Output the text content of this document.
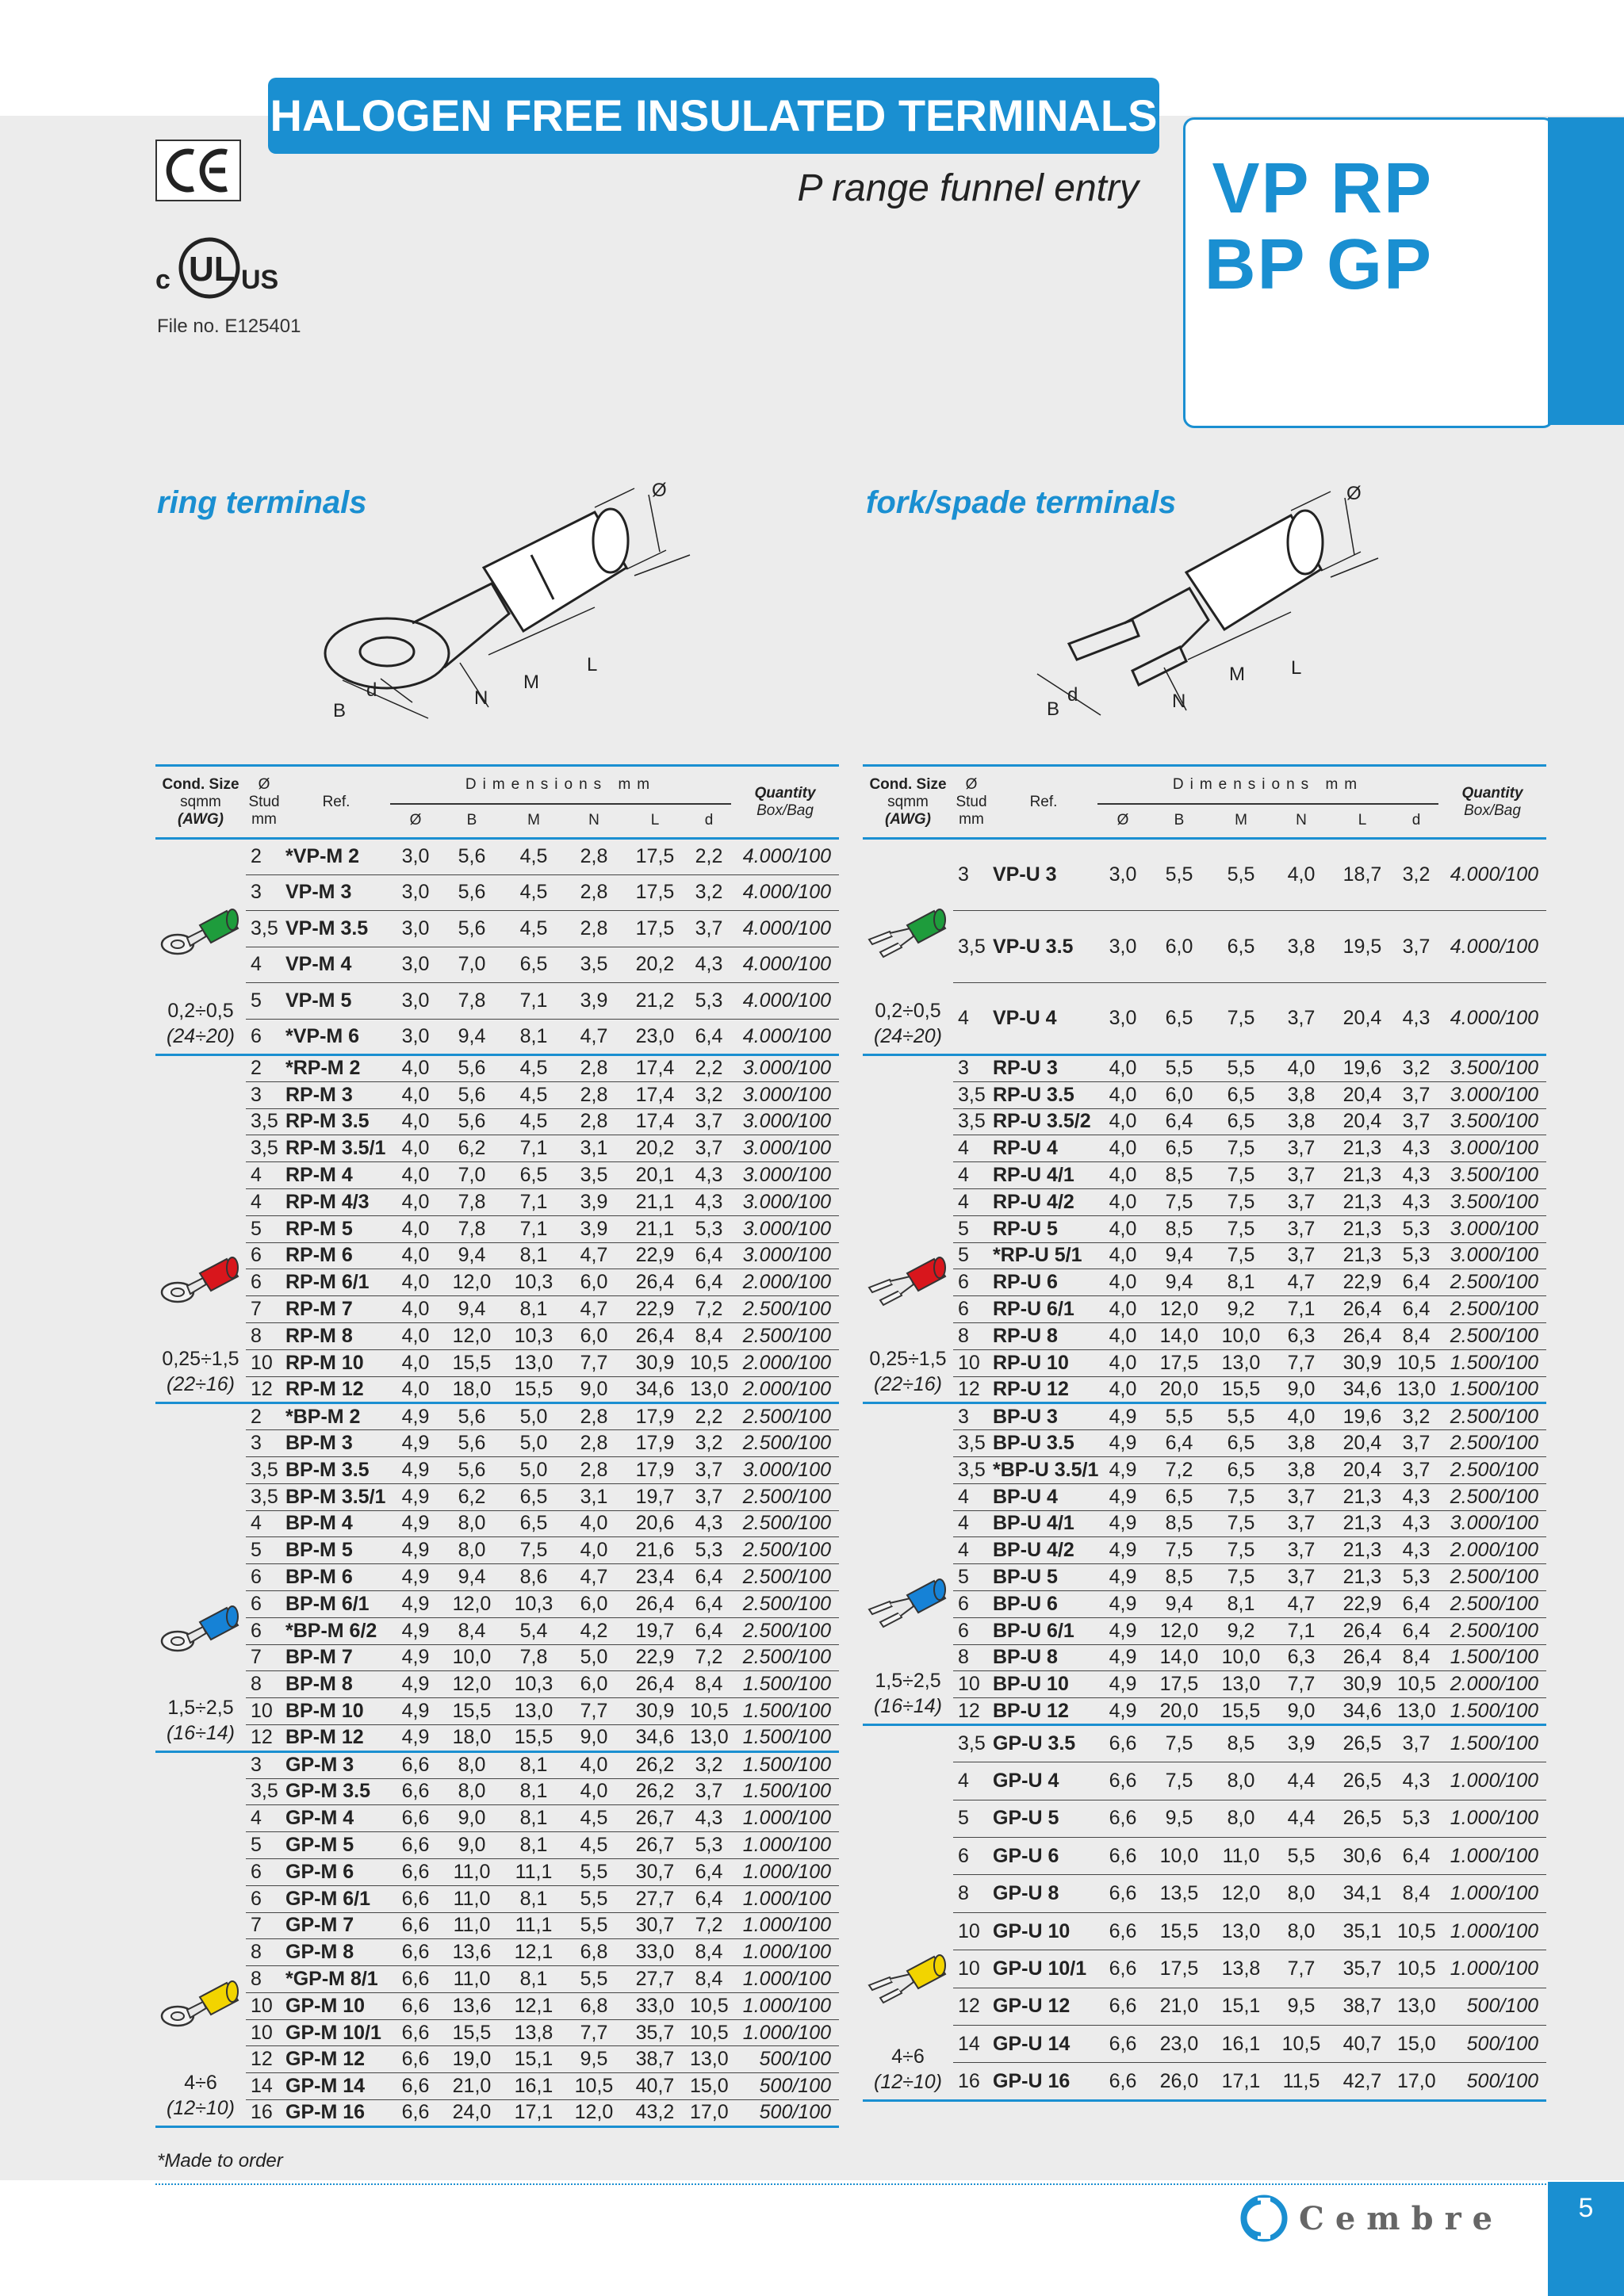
HALOGEN FREE INSULATED TERMINALS
P range funnel entry
c UL US
File no. E125401
VP RP
BP GP
ring terminals	fork/spade terminals
Ø
L
M
N
d
B
Ø
L
M
N
d
B
Cond. Size
sqmm
(AWG)	Ø Stud mm	Ref.	Dimensions mm						Quantity
Box/Bag
			Ø	B	M	N	L	d	

0,2÷0,5
(24÷20)	2	*VP-M 2	3,0	5,6	4,5	2,8	17,5	2,2	4.000/100
	3	VP-M 3	3,0	5,6	4,5	2,8	17,5	3,2	4.000/100
	3,5	VP-M 3.5	3,0	5,6	4,5	2,8	17,5	3,7	4.000/100
	4	VP-M 4	3,0	7,0	6,5	3,5	20,2	4,3	4.000/100
	5	VP-M 5	3,0	7,8	7,1	3,9	21,2	5,3	4.000/100
	6	*VP-M 6	3,0	9,4	8,1	4,7	23,0	6,4	4.000/100

0,25÷1,5
(22÷16)	2	*RP-M 2	4,0	5,6	4,5	2,8	17,4	2,2	3.000/100
	3	RP-M 3	4,0	5,6	4,5	2,8	17,4	3,2	3.000/100
	3,5	RP-M 3.5	4,0	5,6	4,5	2,8	17,4	3,7	3.000/100
	3,5	RP-M 3.5/1	4,0	6,2	7,1	3,1	20,2	3,7	3.000/100
	4	RP-M 4	4,0	7,0	6,5	3,5	20,1	4,3	3.000/100
	4	RP-M 4/3	4,0	7,8	7,1	3,9	21,1	4,3	3.000/100
	5	RP-M 5	4,0	7,8	7,1	3,9	21,1	5,3	3.000/100
	6	RP-M 6	4,0	9,4	8,1	4,7	22,9	6,4	3.000/100
	6	RP-M 6/1	4,0	12,0	10,3	6,0	26,4	6,4	2.000/100
	7	RP-M 7	4,0	9,4	8,1	4,7	22,9	7,2	2.500/100
	8	RP-M 8	4,0	12,0	10,3	6,0	26,4	8,4	2.500/100
	10	RP-M 10	4,0	15,5	13,0	7,7	30,9	10,5	2.000/100
	12	RP-M 12	4,0	18,0	15,5	9,0	34,6	13,0	2.000/100

1,5÷2,5
(16÷14)	2	*BP-M 2	4,9	5,6	5,0	2,8	17,9	2,2	2.500/100
	3	BP-M 3	4,9	5,6	5,0	2,8	17,9	3,2	2.500/100
	3,5	BP-M 3.5	4,9	5,6	5,0	2,8	17,9	3,7	3.000/100
	3,5	BP-M 3.5/1	4,9	6,2	6,5	3,1	19,7	3,7	2.500/100
	4	BP-M 4	4,9	8,0	6,5	4,0	20,6	4,3	2.500/100
	5	BP-M 5	4,9	8,0	7,5	4,0	21,6	5,3	2.500/100
	6	BP-M 6	4,9	9,4	8,6	4,7	23,4	6,4	2.500/100
	6	BP-M 6/1	4,9	12,0	10,3	6,0	26,4	6,4	2.500/100
	6	*BP-M 6/2	4,9	8,4	5,4	4,2	19,7	6,4	2.500/100
	7	BP-M 7	4,9	10,0	7,8	5,0	22,9	7,2	2.500/100
	8	BP-M 8	4,9	12,0	10,3	6,0	26,4	8,4	1.500/100
	10	BP-M 10	4,9	15,5	13,0	7,7	30,9	10,5	1.500/100
	12	BP-M 12	4,9	18,0	15,5	9,0	34,6	13,0	1.500/100

4÷6
(12÷10)	3	GP-M 3	6,6	8,0	8,1	4,0	26,2	3,2	1.500/100
	3,5	GP-M 3.5	6,6	8,0	8,1	4,0	26,2	3,7	1.500/100
	4	GP-M 4	6,6	9,0	8,1	4,5	26,7	4,3	1.000/100
	5	GP-M 5	6,6	9,0	8,1	4,5	26,7	5,3	1.000/100
	6	GP-M 6	6,6	11,0	11,1	5,5	30,7	6,4	1.000/100
	6	GP-M 6/1	6,6	11,0	8,1	5,5	27,7	6,4	1.000/100
	7	GP-M 7	6,6	11,0	11,1	5,5	30,7	7,2	1.000/100
	8	GP-M 8	6,6	13,6	12,1	6,8	33,0	8,4	1.000/100
	8	*GP-M 8/1	6,6	11,0	8,1	5,5	27,7	8,4	1.000/100
	10	GP-M 10	6,6	13,6	12,1	6,8	33,0	10,5	1.000/100
	10	GP-M 10/1	6,6	15,5	13,8	7,7	35,7	10,5	1.000/100
	12	GP-M 12	6,6	19,0	15,1	9,5	38,7	13,0	500/100
	14	GP-M 14	6,6	21,0	16,1	10,5	40,7	15,0	500/100
	16	GP-M 16	6,6	24,0	17,1	12,0	43,2	17,0	500/100
Cond. Size
sqmm
(AWG)	Ø Stud mm	Ref.	Dimensions mm						Quantity
Box/Bag
			Ø	B	M	N	L	d	

0,2÷0,5
(24÷20)	3	VP-U 3	3,0	5,5	5,5	4,0	18,7	3,2	4.000/100
	3,5	VP-U 3.5	3,0	6,0	6,5	3,8	19,5	3,7	4.000/100
	4	VP-U 4	3,0	6,5	7,5	3,7	20,4	4,3	4.000/100

0,25÷1,5
(22÷16)	3	RP-U 3	4,0	5,5	5,5	4,0	19,6	3,2	3.500/100
	3,5	RP-U 3.5	4,0	6,0	6,5	3,8	20,4	3,7	3.000/100
	3,5	RP-U 3.5/2	4,0	6,4	6,5	3,8	20,4	3,7	3.500/100
	4	RP-U 4	4,0	6,5	7,5	3,7	21,3	4,3	3.000/100
	4	RP-U 4/1	4,0	8,5	7,5	3,7	21,3	4,3	3.500/100
	4	RP-U 4/2	4,0	7,5	7,5	3,7	21,3	4,3	3.500/100
	5	RP-U 5	4,0	8,5	7,5	3,7	21,3	5,3	3.000/100
	5	*RP-U 5/1	4,0	9,4	7,5	3,7	21,3	5,3	3.000/100
	6	RP-U 6	4,0	9,4	8,1	4,7	22,9	6,4	2.500/100
	6	RP-U 6/1	4,0	12,0	9,2	7,1	26,4	6,4	2.500/100
	8	RP-U 8	4,0	14,0	10,0	6,3	26,4	8,4	2.500/100
	10	RP-U 10	4,0	17,5	13,0	7,7	30,9	10,5	1.500/100
	12	RP-U 12	4,0	20,0	15,5	9,0	34,6	13,0	1.500/100

1,5÷2,5
(16÷14)	3	BP-U 3	4,9	5,5	5,5	4,0	19,6	3,2	2.500/100
	3,5	BP-U 3.5	4,9	6,4	6,5	3,8	20,4	3,7	2.500/100
	3,5	*BP-U 3.5/1	4,9	7,2	6,5	3,8	20,4	3,7	2.500/100
	4	BP-U 4	4,9	6,5	7,5	3,7	21,3	4,3	2.500/100
	4	BP-U 4/1	4,9	8,5	7,5	3,7	21,3	4,3	3.000/100
	4	BP-U 4/2	4,9	7,5	7,5	3,7	21,3	4,3	2.000/100
	5	BP-U 5	4,9	8,5	7,5	3,7	21,3	5,3	2.500/100
	6	BP-U 6	4,9	9,4	8,1	4,7	22,9	6,4	2.500/100
	6	BP-U 6/1	4,9	12,0	9,2	7,1	26,4	6,4	2.500/100
	8	BP-U 8	4,9	14,0	10,0	6,3	26,4	8,4	1.500/100
	10	BP-U 10	4,9	17,5	13,0	7,7	30,9	10,5	2.000/100
	12	BP-U 12	4,9	20,0	15,5	9,0	34,6	13,0	1.500/100

4÷6
(12÷10)	3,5	GP-U 3.5	6,6	7,5	8,5	3,9	26,5	3,7	1.500/100
	4	GP-U 4	6,6	7,5	8,0	4,4	26,5	4,3	1.000/100
	5	GP-U 5	6,6	9,5	8,0	4,4	26,5	5,3	1.000/100
	6	GP-U 6	6,6	10,0	11,0	5,5	30,6	6,4	1.000/100
	8	GP-U 8	6,6	13,5	12,0	8,0	34,1	8,4	1.000/100
	10	GP-U 10	6,6	15,5	13,0	8,0	35,1	10,5	1.000/100
	10	GP-U 10/1	6,6	17,5	13,8	7,7	35,7	10,5	1.000/100
	12	GP-U 12	6,6	21,0	15,1	9,5	38,7	13,0	500/100
	14	GP-U 14	6,6	23,0	16,1	10,5	40,7	15,0	500/100
	16	GP-U 16	6,6	26,0	17,1	11,5	42,7	17,0	500/100
*Made to order
Cembre	5
